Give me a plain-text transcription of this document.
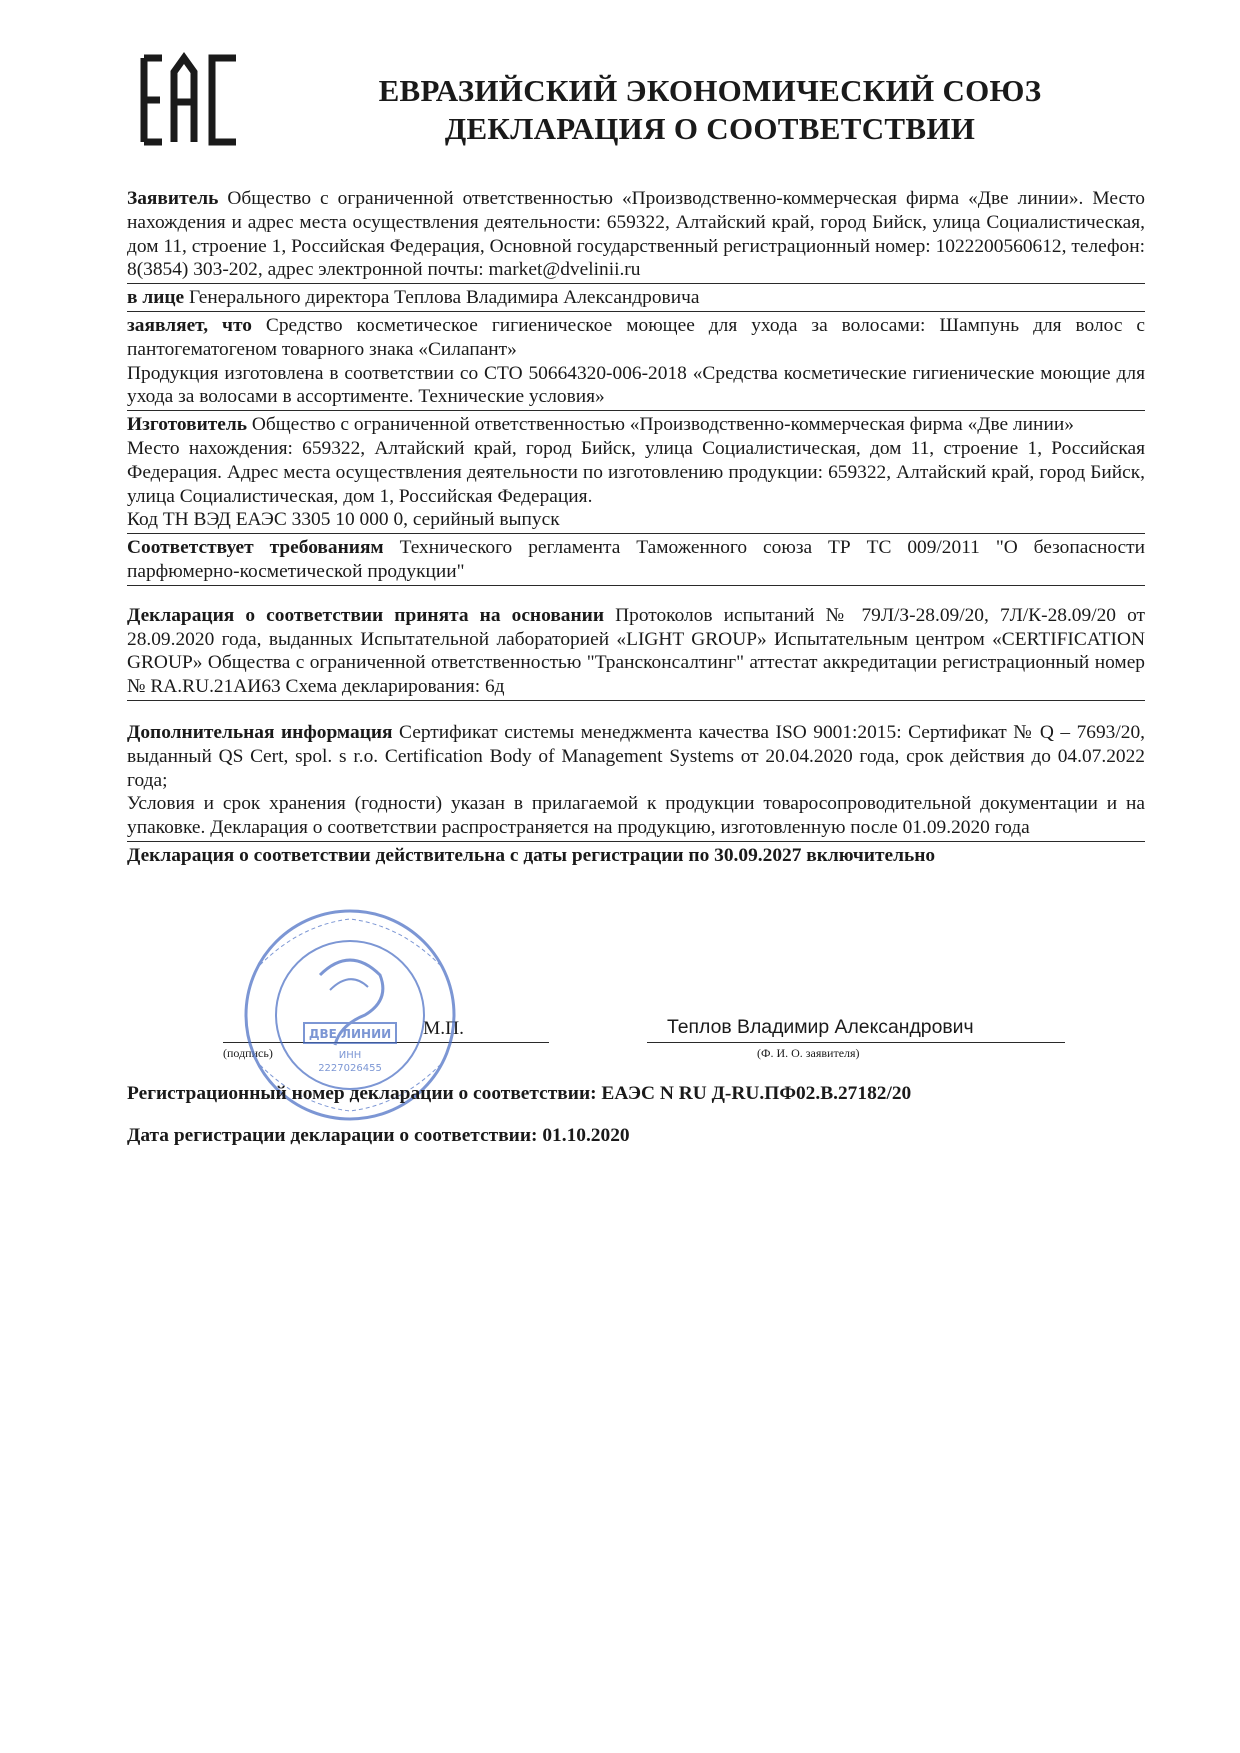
ЕВРАЗИЙСКИЙ ЭКОНОМИЧЕСКИЙ СОЮЗ
ДЕКЛАРАЦИЯ О СООТВЕТСТВИИ

Заявитель Общество с ограниченной ответственностью «Производственно-коммерческая фирма «Две линии». Место нахождения и адрес места осуществления деятельности: 659322, Алтайский край, город Бийск, улица Социалистическая, дом 11, строение 1, Российская Федерация, Основной государственный регистрационный номер: 1022200560612, телефон: 8(3854) 303-202, адрес электронной почты: market@dvelinii.ru

в лице Генерального директора Теплова Владимира Александровича

заявляет, что Средство косметическое гигиеническое моющее для ухода за волосами: Шампунь для волос с пантогематогеном товарного знака «Силапант»

Продукция изготовлена в соответствии со СТО 50664320-006-2018 «Средства косметические гигиенические моющие для ухода за волосами в ассортименте. Технические условия»

Изготовитель Общество с ограниченной ответственностью «Производственно-коммерческая фирма «Две линии»

Место нахождения: 659322, Алтайский край, город Бийск, улица Социалистическая, дом 11, строение 1, Российская Федерация. Адрес места осуществления деятельности по изготовлению продукции: 659322, Алтайский край, город Бийск, улица Социалистическая, дом 1, Российская Федерация.

Код ТН ВЭД ЕАЭС 3305 10 000 0, серийный выпуск

Соответствует требованиям Технического регламента Таможенного союза ТР ТС 009/2011 "О безопасности парфюмерно-косметической продукции"

Декларация о соответствии принята на основании Протоколов испытаний № 79Л/З-28.09/20, 7Л/К-28.09/20 от 28.09.2020 года, выданных Испытательной лабораторией «LIGHT GROUP» Испытательным центром «CERTIFICATION GROUP» Общества с ограниченной ответственностью "Трансконсалтинг" аттестат аккредитации регистрационный номер № RA.RU.21АИ63 Схема декларирования: 6д

Дополнительная информация Сертификат системы менеджмента качества ISO 9001:2015: Сертификат № Q – 7693/20, выданный QS Cert, spol. s r.o. Certification Body of Management Systems от 20.04.2020 года, срок действия до 04.07.2022 года;

Условия и срок хранения (годности) указан в прилагаемой к продукции товаросопроводительной документации и на упаковке. Декларация о соответствии распространяется на продукцию, изготовленную после 01.09.2020 года

Декларация о соответствии действительна с даты регистрации по 30.09.2027 включительно
(подпись)
М.П.	Теплов Владимир Александрович
(Ф. И. О. заявителя)
ДВЕ ЛИНИИ
ИНН
2227026455
Регистрационный номер декларации о соответствии: ЕАЭС N RU Д-RU.ПФ02.В.27182/20
Дата регистрации декларации о соответствии: 01.10.2020
